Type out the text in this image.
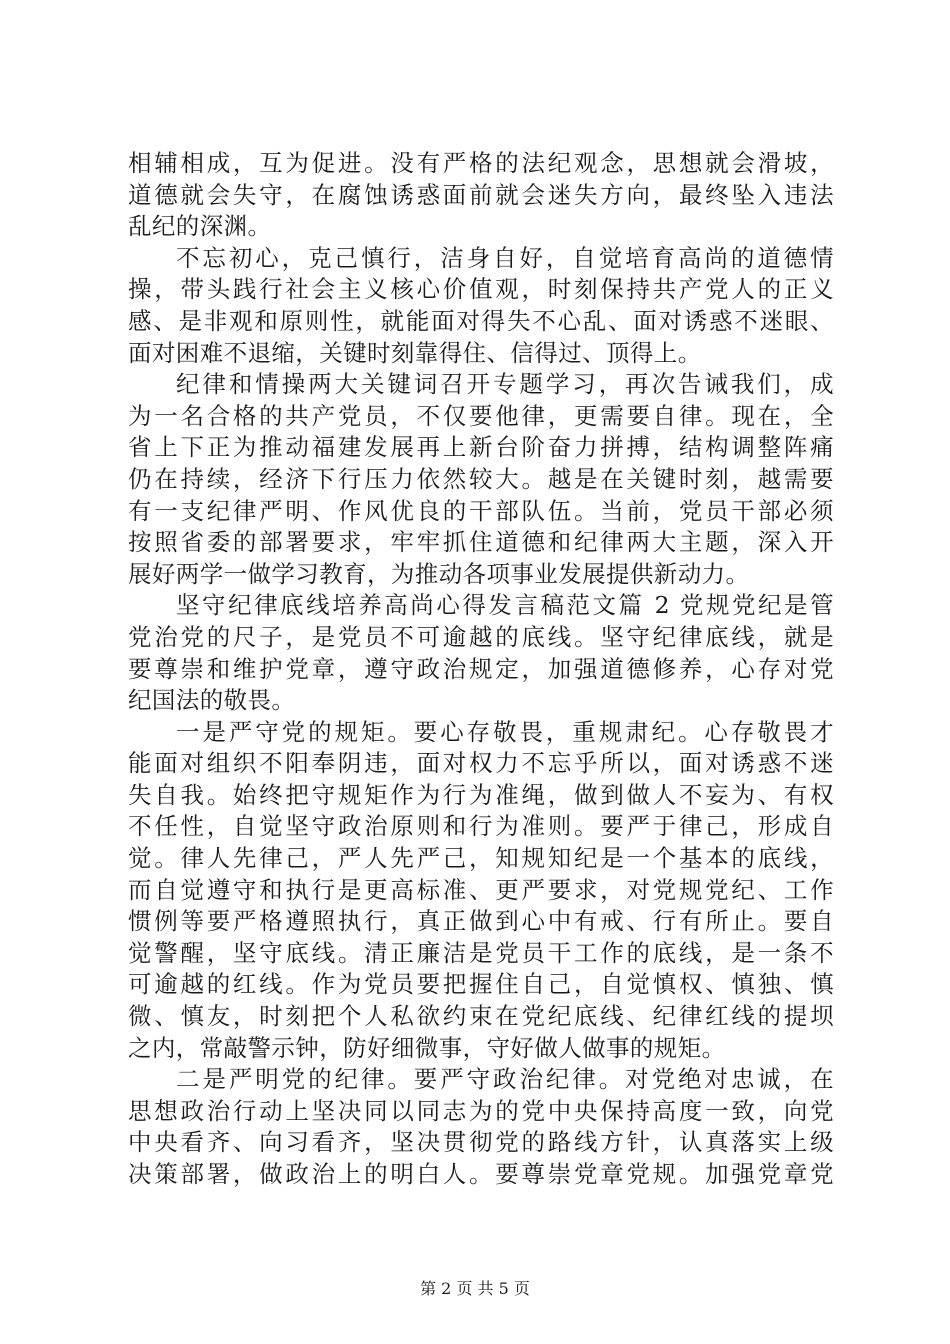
相辅相成，互为促进。没有严格的法纪观念，思想就会滑坡，
道德就会失守，在腐蚀诱惑面前就会迷失方向，最终坠入违法
乱纪的深渊。
不忘初心，克己慎行，洁身自好，自觉培育高尚的道德情
操，带头践行社会主义核心价值观，时刻保持共产党人的正义
感、是非观和原则性，就能面对得失不心乱、面对诱惑不迷眼、
面对困难不退缩，关键时刻靠得住、信得过、顶得上。
纪律和情操两大关键词召开专题学习，再次告诫我们，成
为一名合格的共产党员，不仅要他律，更需要自律。现在，全
省上下正为推动福建发展再上新台阶奋力拼搏，结构调整阵痛
仍在持续，经济下行压力依然较大。越是在关键时刻，越需要
有一支纪律严明、作风优良的干部队伍。当前，党员干部必须
按照省委的部署要求，牢牢抓住道德和纪律两大主题，深入开
展好两学一做学习教育，为推动各项事业发展提供新动力。
坚守纪律底线培养高尚心得发言稿范文篇 2 党规党纪是管
党治党的尺子，是党员不可逾越的底线。坚守纪律底线，就是
要尊崇和维护党章，遵守政治规定，加强道德修养，心存对党
纪国法的敬畏。
一是严守党的规矩。要心存敬畏，重规肃纪。心存敬畏才
能面对组织不阳奉阴违，面对权力不忘乎所以，面对诱惑不迷
失自我。始终把守规矩作为行为准绳，做到做人不妄为、有权
不任性，自觉坚守政治原则和行为准则。要严于律己，形成自
觉。律人先律己，严人先严己，知规知纪是一个基本的底线，
而自觉遵守和执行是更高标准、更严要求，对党规党纪、工作
惯例等要严格遵照执行，真正做到心中有戒、行有所止。要自
觉警醒，坚守底线。清正廉洁是党员干工作的底线，是一条不
可逾越的红线。作为党员要把握住自己，自觉慎权、慎独、慎
微、慎友，时刻把个人私欲约束在党纪底线、纪律红线的提坝
之内，常敲警示钟，防好细微事，守好做人做事的规矩。
二是严明党的纪律。要严守政治纪律。对党绝对忠诚，在
思想政治行动上坚决同以同志为的党中央保持高度一致，向党
中央看齐、向习看齐，坚决贯彻党的路线方针，认真落实上级
决策部署，做政治上的明白人。要尊崇党章党规。加强党章党
第 2 页 共 5 页
